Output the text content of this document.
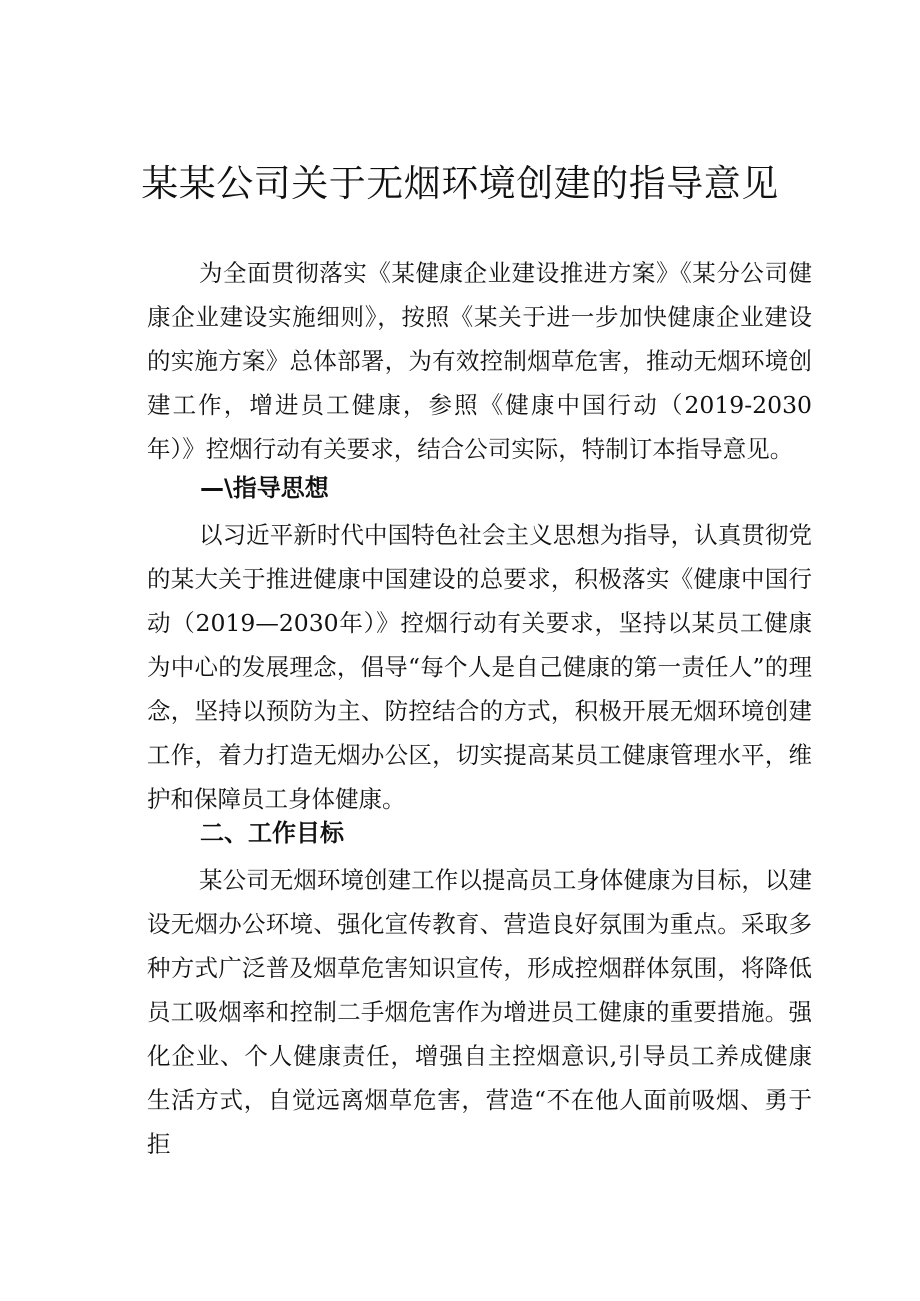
某某公司关于无烟环境创建的指导意见

为全面贯彻落实《某健康企业建设推进方案》《某分公司健康企业建设实施细则》，按照《某关于进一步加快健康企业建设的实施方案》总体部署，为有效控制烟草危害，推动无烟环境创建工作，增进员工健康，参照《健康中国行动（2019-2030年）》控烟行动有关要求，结合公司实际，特制订本指导意见。

—\指导思想

以习近平新时代中国特色社会主义思想为指导，认真贯彻党的某大关于推进健康中国建设的总要求，积极落实《健康中国行动（2019—2030年）》控烟行动有关要求，坚持以某员工健康为中心的发展理念，倡导“每个人是自己健康的第一责任人”的理念，坚持以预防为主、防控结合的方式，积极开展无烟环境创建工作，着力打造无烟办公区，切实提高某员工健康管理水平，维护和保障员工身体健康。

二、工作目标

某公司无烟环境创建工作以提高员工身体健康为目标，以建设无烟办公环境、强化宣传教育、营造良好氛围为重点。采取多种方式广泛普及烟草危害知识宣传，形成控烟群体氛围，将降低员工吸烟率和控制二手烟危害作为增进员工健康的重要措施。强化企业、个人健康责任，增强自主控烟意识,引导员工养成健康生活方式，自觉远离烟草危害，营造“不在他人面前吸烟、勇于拒
